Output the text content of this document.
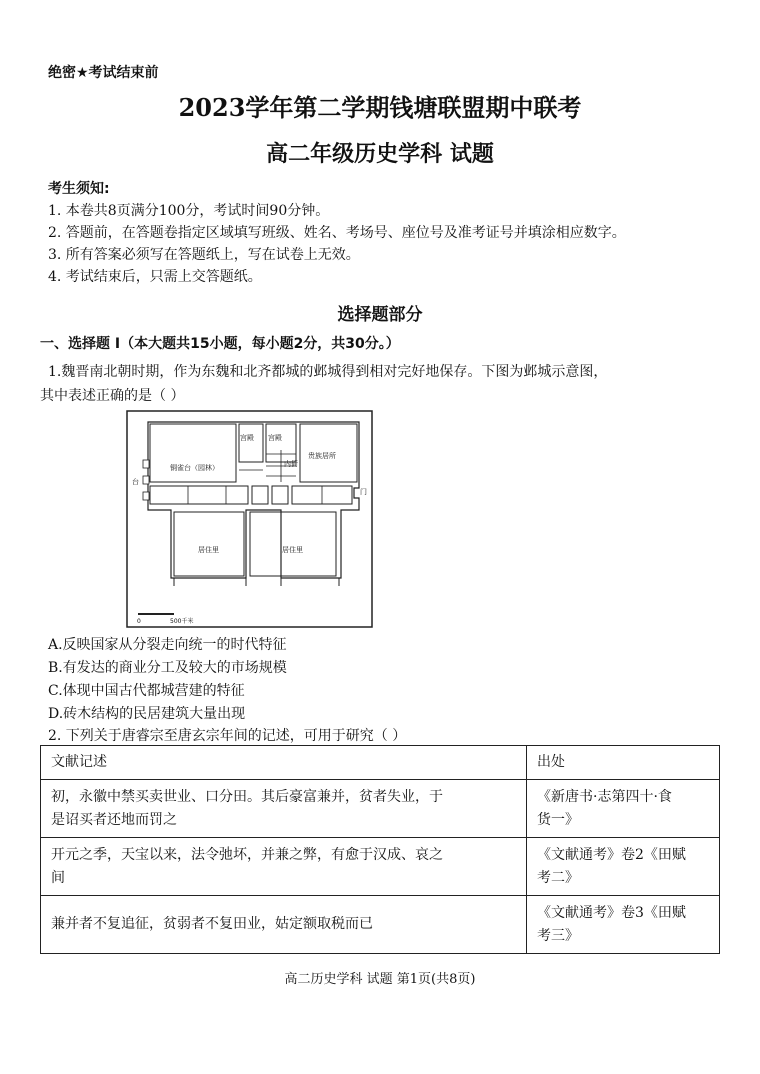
绝密★考试结束前
2023学年第二学期钱塘联盟期中联考
高二年级历史学科 试题
考生须知:
1. 本卷共8页满分100分，考试时间90分钟。
2. 答题前，在答题卷指定区域填写班级、姓名、考场号、座位号及准考证号并填涂相应数字。
3. 所有答案必须写在答题纸上，写在试卷上无效。
4. 考试结束后，只需上交答题纸。
选择题部分
一、选择题 I（本大题共15小题，每小题2分，共30分。）
1.魏晋南北朝时期，作为东魏和北齐都城的邺城得到相对完好地保存。下图为邺城示意图，
其中表述正确的是（ ）
宫殿 宫殿
铜雀台（园林）
台
内衙
贵族居所
门
居住里	居住里
0	500千米
A.反映国家从分裂走向统一的时代特征
B.有发达的商业分工及较大的市场规模
C.体现中国古代都城营建的特征
D.砖木结构的民居建筑大量出现
2. 下列关于唐睿宗至唐玄宗年间的记述，可用于研究（ ）
文献记述	出处
初，永徽中禁买卖世业、口分田。其后豪富兼并，贫者失业，于
是诏买者还地而罚之	《新唐书·志第四十·食
货一》
开元之季，天宝以来，法令弛坏，并兼之弊，有愈于汉成、哀之
间	《文献通考》卷2《田赋
考二》
兼并者不复追征，贫弱者不复田业，姑定额取税而已	《文献通考》卷3《田赋
考三》
高二历史学科 试题 第1页(共8页)
